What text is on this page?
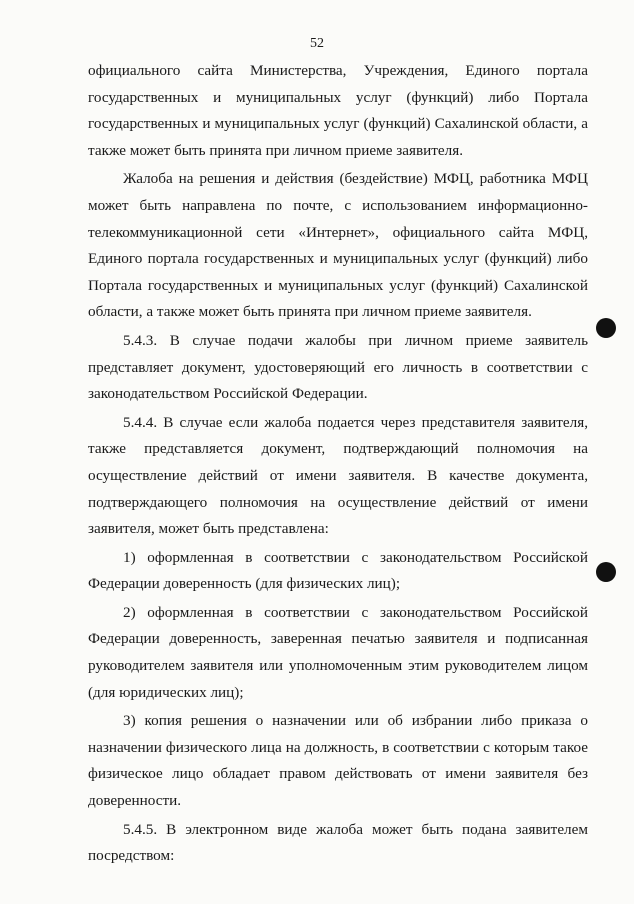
52

официального сайта Министерства, Учреждения, Единого портала государственных и муниципальных услуг (функций) либо Портала государственных и муниципальных услуг (функций) Сахалинской области, а также может быть принята при личном приеме заявителя.

Жалоба на решения и действия (бездействие) МФЦ, работника МФЦ может быть направлена по почте, с использованием информационно-телекоммуникационной сети «Интернет», официального сайта МФЦ, Единого портала государственных и муниципальных услуг (функций) либо Портала государственных и муниципальных услуг (функций) Сахалинской области, а также может быть принята при личном приеме заявителя.

5.4.3. В случае подачи жалобы при личном приеме заявитель представляет документ, удостоверяющий его личность в соответствии с законодательством Российской Федерации.

5.4.4. В случае если жалоба подается через представителя заявителя, также представляется документ, подтверждающий полномочия на осуществление действий от имени заявителя. В качестве документа, подтверждающего полномочия на осуществление действий от имени заявителя, может быть представлена:

1) оформленная в соответствии с законодательством Российской Федерации доверенность (для физических лиц);

2) оформленная в соответствии с законодательством Российской Федерации доверенность, заверенная печатью заявителя и подписанная руководителем заявителя или уполномоченным этим руководителем лицом (для юридических лиц);

3) копия решения о назначении или об избрании либо приказа о назначении физического лица на должность, в соответствии с которым такое физическое лицо обладает правом действовать от имени заявителя без доверенности.

5.4.5. В электронном виде жалоба может быть подана заявителем посредством:
